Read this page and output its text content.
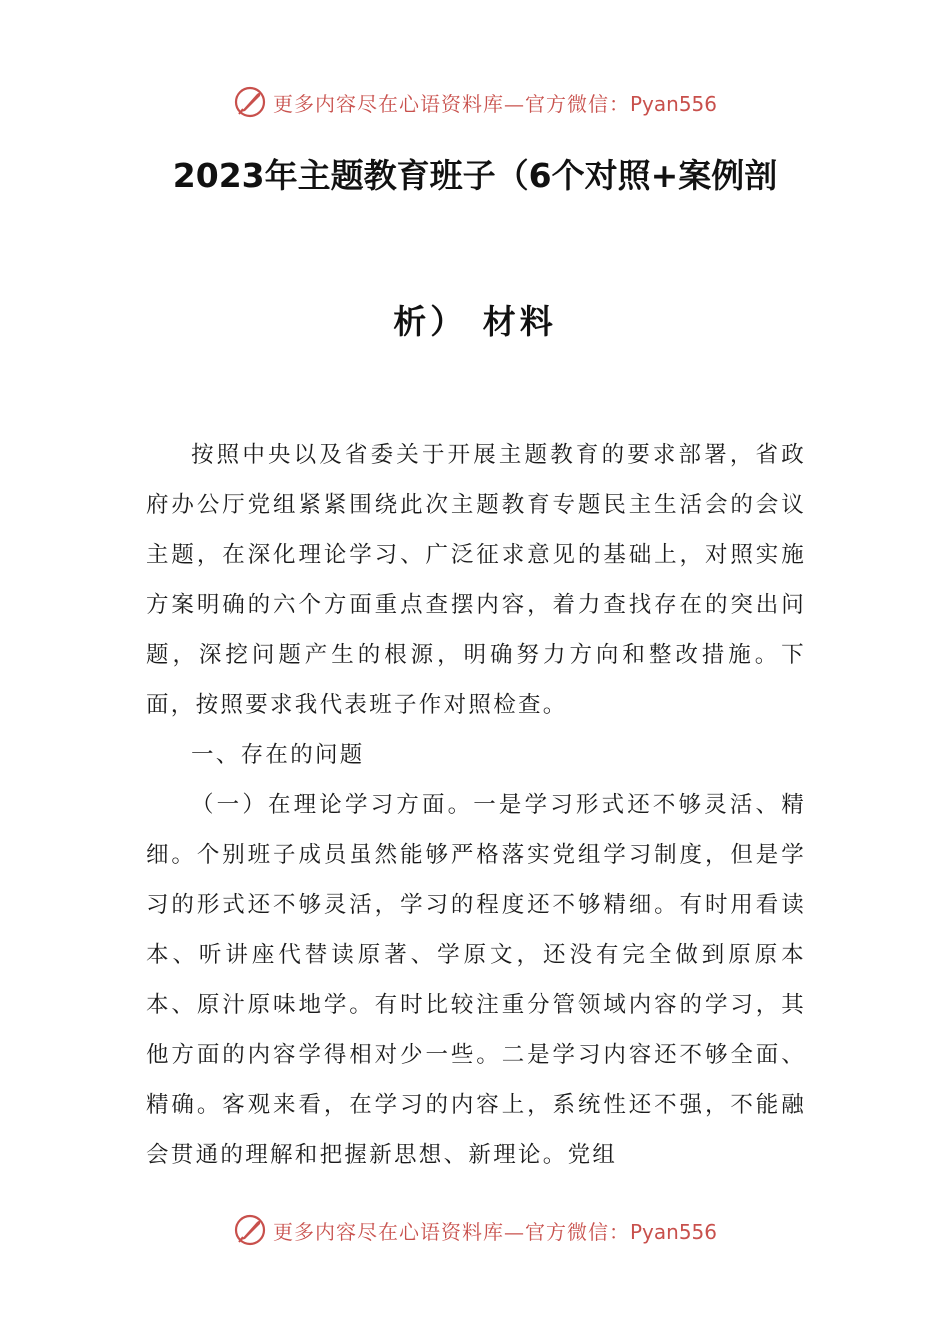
更多内容尽在心语资料库—官方微信：Pyan556
2023年主题教育班子（6个对照+案例剖
析） 材料

按照中央以及省委关于开展主题教育的要求部署，省政府办公厅党组紧紧围绕此次主题教育专题民主生活会的会议主题，在深化理论学习、广泛征求意见的基础上，对照实施方案明确的六个方面重点查摆内容，着力查找存在的突出问题，深挖问题产生的根源，明确努力方向和整改措施。下面，按照要求我代表班子作对照检查。

一、存在的问题

（一）在理论学习方面。一是学习形式还不够灵活、精细。个别班子成员虽然能够严格落实党组学习制度，但是学习的形式还不够灵活，学习的程度还不够精细。有时用看读本、听讲座代替读原著、学原文，还没有完全做到原原本本、原汁原味地学。有时比较注重分管领域内容的学习，其他方面的内容学得相对少一些。二是学习内容还不够全面、精确。客观来看，在学习的内容上，系统性还不强，不能融会贯通的理解和把握新思想、新理论。党组

更多内容尽在心语资料库—官方微信：Pyan556
